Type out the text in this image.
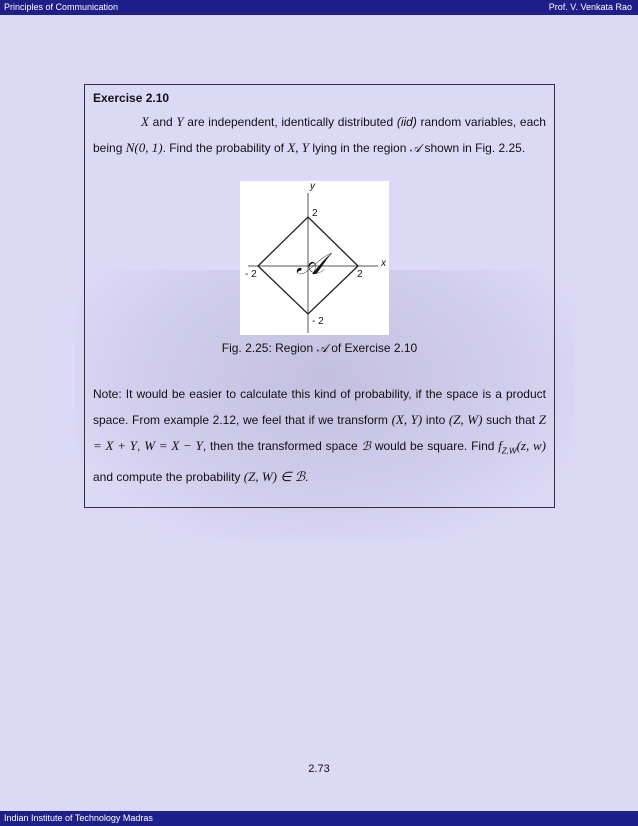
Principles of Communication	Prof. V. Venkata Rao
Exercise 2.10
X and Y are independent, identically distributed (iid) random variables, each being N(0, 1). Find the probability of X, Y lying in the region 𝒜 shown in Fig. 2.25.
y
x
2
- 2
- 2	2
𝒜
Fig. 2.25: Region 𝒜 of Exercise 2.10
Note: It would be easier to calculate this kind of probability, if the space is a product space. From example 2.12, we feel that if we transform (X, Y) into (Z, W) such that Z = X + Y, W = X − Y, then the transformed space ℬ would be square. Find $f_{Z,W}(z$, w) and compute the probability (Z, W) ∈ ℬ.
2.73
Indian Institute of Technology Madras
